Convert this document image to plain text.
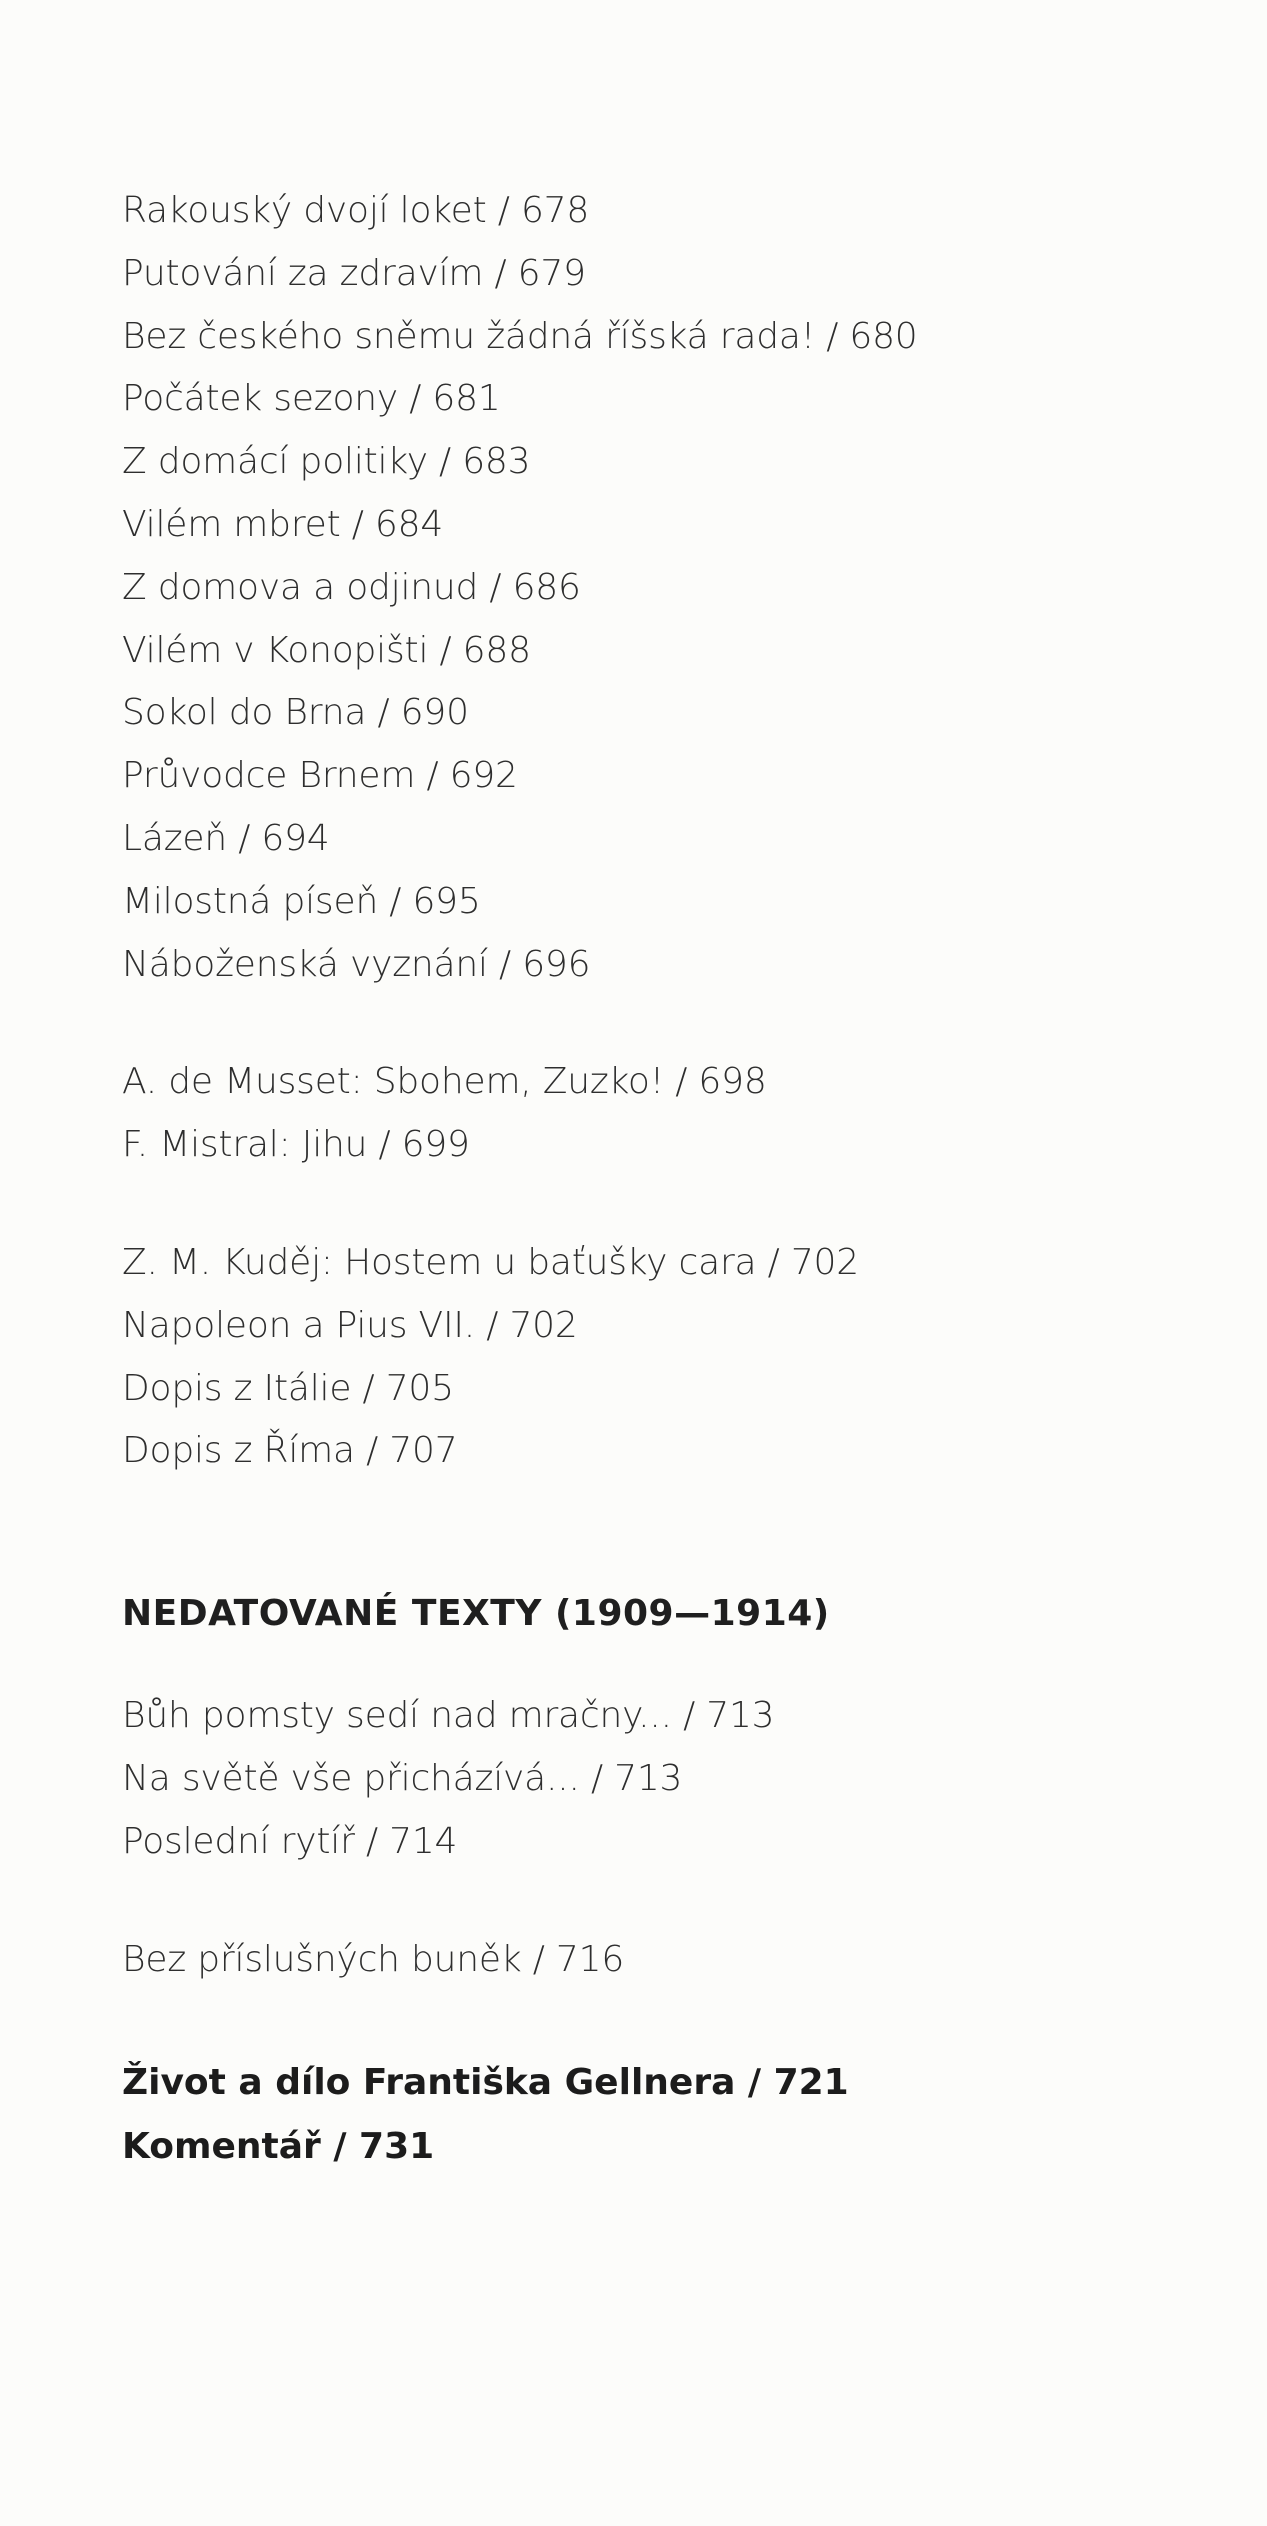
Rakouský dvojí loket / 678
Putování za zdravím / 679
Bez českého sněmu žádná říšská rada! / 680
Počátek sezony / 681
Z domácí politiky / 683
Vilém mbret / 684
Z domova a odjinud / 686
Vilém v Konopišti / 688
Sokol do Brna / 690
Průvodce Brnem / 692
Lázeň / 694
Milostná píseň / 695
Náboženská vyznání / 696
A. de Musset: Sbohem, Zuzko! / 698
F. Mistral: Jihu / 699
Z. M. Kuděj: Hostem u baťušky cara / 702
Napoleon a Pius VII. / 702
Dopis z Itálie / 705
Dopis z Říma / 707
NEDATOVANÉ TEXTY (1909—1914)
Bůh pomsty sedí nad mračny... / 713
Na světě vše přicházívá... / 713
Poslední rytíř / 714
Bez příslušných buněk / 716
Život a dílo Františka Gellnera / 721
Komentář / 731
